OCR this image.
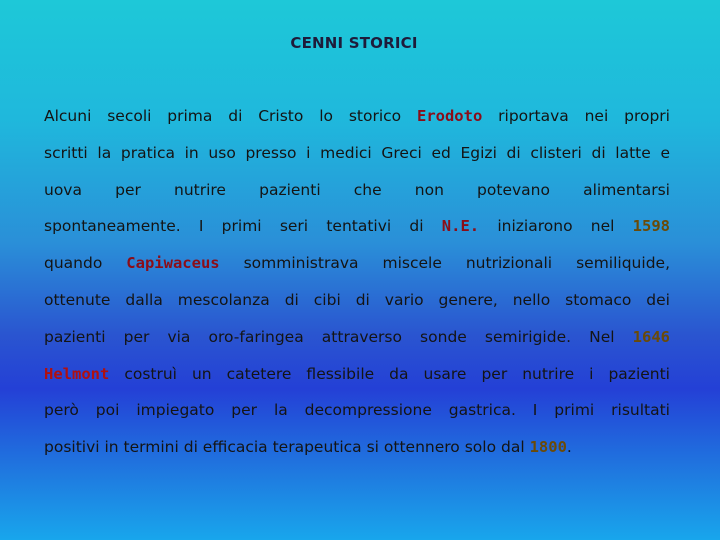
CENNI STORICI
Alcuni secoli prima di Cristo lo storico Erodoto riportava nei propri
scritti la pratica in uso presso i medici Greci ed Egizi di clisteri di latte e
uova per nutrire pazienti che non potevano alimentarsi
spontaneamente. I primi seri tentativi di N.E. iniziarono nel 1598
quando Capiwaceus somministrava miscele nutrizionali semiliquide,
ottenute dalla mescolanza di cibi di vario genere, nello stomaco dei
pazienti per via oro-faringea attraverso sonde semirigide. Nel 1646
Helmont costruì un catetere flessibile da usare per nutrire i pazienti
però poi impiegato per la decompressione gastrica. I primi risultati
positivi in termini di efficacia terapeutica si ottennero solo dal 1800.
